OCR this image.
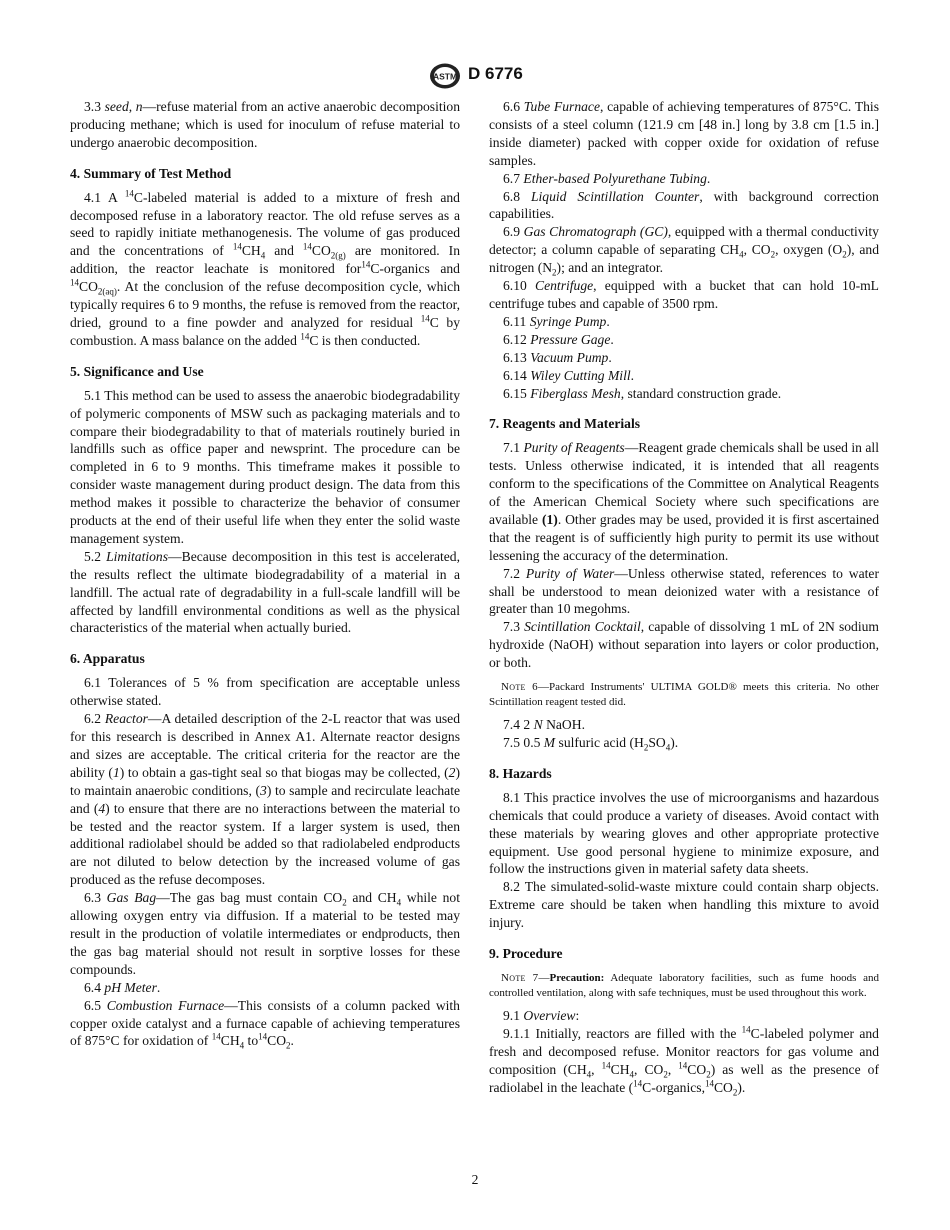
ASTM D 6776

3.3 seed, n—refuse material from an active anaerobic decomposition producing methane; which is used for inoculum of refuse material to undergo anaerobic decomposition.

4. Summary of Test Method

4.1 A $^{14}$C-labeled material is added to a mixture of fresh and decomposed refuse in a laboratory reactor. The old refuse serves as a seed to rapidly initiate methanogenesis. The volume of gas produced and the concentrations of $^{14}CH_4$ and $^{14}CO_{2(g)}$ are monitored. In addition, the reactor leachate is monitored for$^{14}$C-organics and $^{14}CO_{2(aq)}$. At the conclusion of the refuse decomposition cycle, which typically requires 6 to 9 months, the refuse is removed from the reactor, dried, ground to a fine powder and analyzed for residual $^{14}$C by combustion. A mass balance on the added $^{14}$C is then conducted.

5. Significance and Use

5.1 This method can be used to assess the anaerobic biodegradability of polymeric components of MSW such as packaging materials and to compare their biodegradability to that of materials routinely buried in landfills such as office paper and newsprint. The procedure can be completed in 6 to 9 months. This timeframe makes it possible to consider waste management during product design. The data from this method makes it possible to characterize the behavior of consumer products at the end of their useful life when they enter the solid waste management system.

5.2 Limitations—Because decomposition in this test is accelerated, the results reflect the ultimate biodegradability of a material in a landfill. The actual rate of degradability in a full-scale landfill will be affected by landfill environmental conditions as well as the physical characteristics of the material when actually buried.

6. Apparatus

6.1 Tolerances of 5 % from specification are acceptable unless otherwise stated.

6.2 Reactor—A detailed description of the 2-L reactor that was used for this research is described in Annex A1. Alternate reactor designs and sizes are acceptable. The critical criteria for the reactor are the ability (1) to obtain a gas-tight seal so that biogas may be collected, (2) to maintain anaerobic conditions, (3) to sample and recirculate leachate and (4) to ensure that there are no interactions between the material to be tested and the reactor system. If a larger system is used, then additional radiolabel should be added so that radiolabeled endproducts are not diluted to below detection by the increased volume of gas produced as the refuse decomposes.

6.3 Gas Bag—The gas bag must contain $CO_2$ and $CH_4$ while not allowing oxygen entry via diffusion. If a material to be tested may result in the production of volatile intermediates or endproducts, then the gas bag material should not result in sorptive losses for these compounds.

6.4 pH Meter.

6.5 Combustion Furnace—This consists of a column packed with copper oxide catalyst and a furnace capable of achieving temperatures of 875°C for oxidation of $^{14}CH_4$ $to^{14}CO_2$.

6.6 Tube Furnace, capable of achieving temperatures of 875°C. This consists of a steel column (121.9 cm [48 in.] long by 3.8 cm [1.5 in.] inside diameter) packed with copper oxide for oxidation of refuse samples.

6.7 Ether-based Polyurethane Tubing.

6.8 Liquid Scintillation Counter, with background correction capabilities.

6.9 Gas Chromatograph (GC), equipped with a thermal conductivity detector; a column capable of separating $CH_4$, $CO_2$, oxygen $(O_2)$, and nitrogen $(N_2)$; and an integrator.

6.10 Centrifuge, equipped with a bucket that can hold 10-mL centrifuge tubes and capable of 3500 rpm.

6.11 Syringe Pump.

6.12 Pressure Gage.

6.13 Vacuum Pump.

6.14 Wiley Cutting Mill.

6.15 Fiberglass Mesh, standard construction grade.

7. Reagents and Materials

7.1 Purity of Reagents—Reagent grade chemicals shall be used in all tests. Unless otherwise indicated, it is intended that all reagents conform to the specifications of the Committee on Analytical Reagents of the American Chemical Society where such specifications are available (1). Other grades may be used, provided it is first ascertained that the reagent is of sufficiently high purity to permit its use without lessening the accuracy of the determination.

7.2 Purity of Water—Unless otherwise stated, references to water shall be understood to mean deionized water with a resistance of greater than 10 megohms.

7.3 Scintillation Cocktail, capable of dissolving 1 mL of 2N sodium hydroxide (NaOH) without separation into layers or color production, or both.

Note 6—Packard Instruments' ULTIMA GOLD® meets this criteria. No other Scintillation reagent tested did.

7.4 2 N NaOH.

7.5 0.5 M sulfuric acid $(H_2SO_4)$.

8. Hazards

8.1 This practice involves the use of microorganisms and hazardous chemicals that could produce a variety of diseases. Avoid contact with these materials by wearing gloves and other appropriate protective equipment. Use good personal hygiene to minimize exposure, and follow the instructions given in material safety data sheets.

8.2 The simulated-solid-waste mixture could contain sharp objects. Extreme care should be taken when handling this mixture to avoid injury.

9. Procedure

Note 7—Precaution: Adequate laboratory facilities, such as fume hoods and controlled ventilation, along with safe techniques, must be used throughout this work.

9.1 Overview:

9.1.1 Initially, reactors are filled with the $^{14}$C-labeled polymer and fresh and decomposed refuse. Monitor reactors for gas volume and composition ($CH_4$, $^{14}CH_4$, $CO_2$, $^{14}CO_2$) as well as the presence of radiolabel in the leachate $(^{14}C-organics,^{14}CO_2)$.

2
